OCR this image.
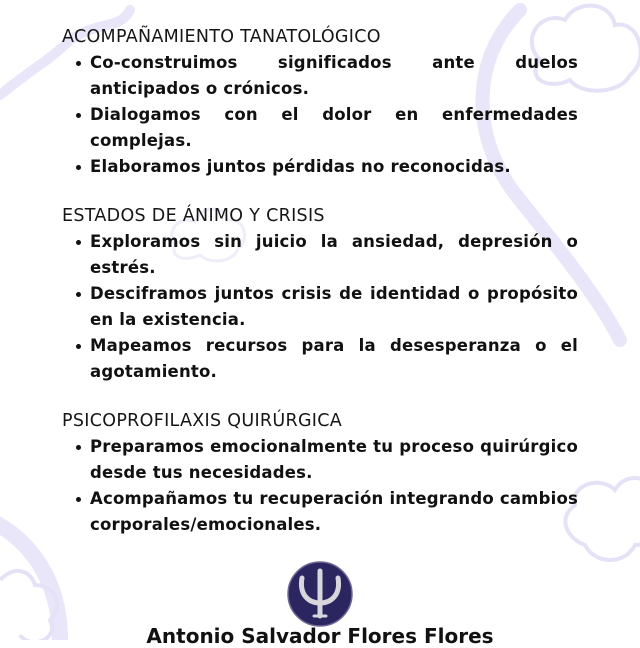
ACOMPAÑAMIENTO TANATOLÓGICO
Co-construimos significados ante duelos anticipados o crónicos.
Dialogamos con el dolor en enfermedades complejas.
Elaboramos juntos pérdidas no reconocidas.
ESTADOS DE ÁNIMO Y CRISIS
Exploramos sin juicio la ansiedad, depresión o estrés.
Desciframos juntos crisis de identidad o propósito en la existencia.
Mapeamos recursos para la desesperanza o el agotamiento.
PSICOPROFILAXIS QUIRÚRGICA
Preparamos emocionalmente tu proceso quirúrgico desde tus necesidades.
Acompañamos tu recuperación integrando cambios corporales/emocionales.
Antonio Salvador Flores Flores
